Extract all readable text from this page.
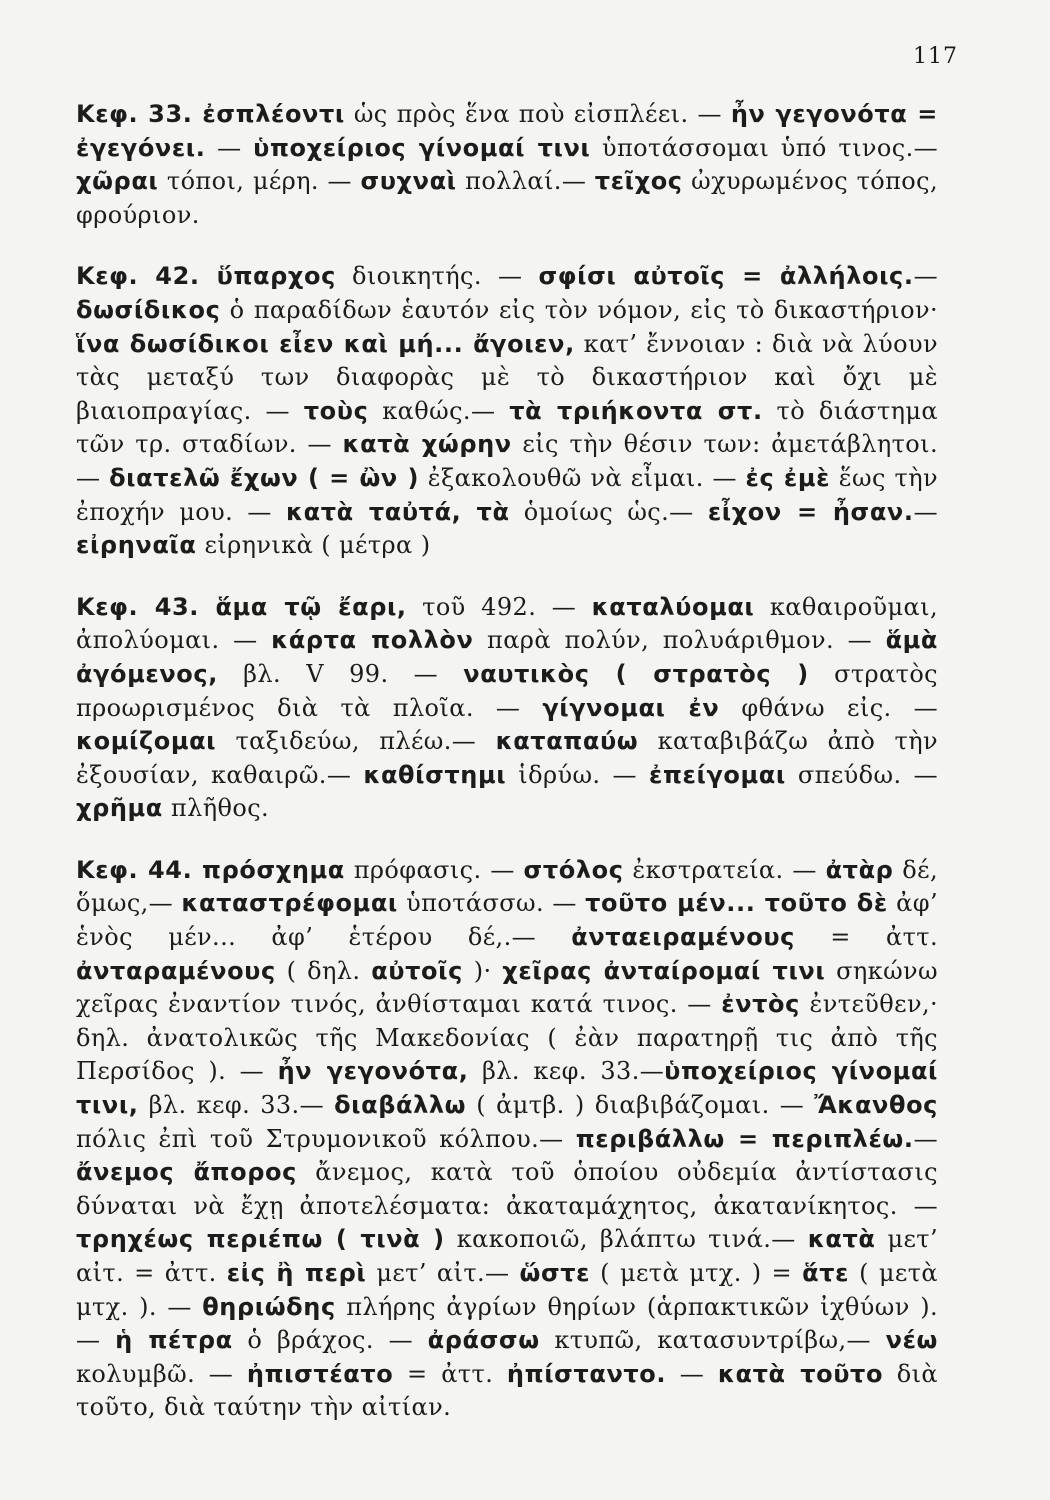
117

Κεφ. 33. ἐσπλέοντι ὡς πρὸς ἕνα ποὺ εἰσπλέει. — ἦν γεγονότα = ἐγεγόνει. — ὑποχείριος γίνομαί τινι ὑποτάσσομαι ὑπό τινος.— χῶραι τόποι, μέρη. — συχναὶ πολλαί.— τεῖχος ὠχυρωμένος τόπος, φρούριον.

Κεφ. 42. ὕπαρχος διοικητής. — σφίσι αὐτοῖς = ἀλλήλοις.— δωσίδικος ὁ παραδίδων ἑαυτόν εἰς τὸν νόμον, εἰς τὸ δικαστήριον· ἵνα δωσίδικοι εἶεν καὶ μή... ἄγοιεν, κατ’ ἔννοιαν : διὰ νὰ λύουν τὰς μεταξύ των διαφορὰς μὲ τὸ δικαστήριον καὶ ὄχι μὲ βιαιοπραγίας. — τοὺς καθώς.— τὰ τριήκοντα στ. τὸ διάστημα τῶν τρ. σταδίων. — κατὰ χώρην εἰς τὴν θέσιν των: ἀμετάβλητοι. — διατελῶ ἔχων ( = ὢν ) ἐξακολουθῶ νὰ εἶμαι. — ἐς ἐμὲ ἕως τὴν ἐποχήν μου. — κατὰ ταὐτά, τὰ ὁμοίως ὡς.— εἶχον = ἦσαν.— εἰρηναῖα εἰρηνικὰ ( μέτρα )

Κεφ. 43. ἅμα τῷ ἔαρι, τοῦ 492. — καταλύομαι καθαιροῦμαι, ἀπολύομαι. — κάρτα πολλὸν παρὰ πολύν, πολυάριθμον. — ἅμὰ ἀγόμενος, βλ. V 99. — ναυτικὸς ( στρατὸς ) στρατὸς προωρισμένος διὰ τὰ πλοῖα. — γίγνομαι ἐν φθάνω εἰς. — κομίζομαι ταξιδεύω, πλέω.— καταπαύω καταβιβάζω ἀπὸ τὴν ἐξουσίαν, καθαιρῶ.— καθίστημι ἱδρύω. — ἐπείγομαι σπεύδω. — χρῆμα πλῆθος.

Κεφ. 44. πρόσχημα πρόφασις. — στόλος ἐκστρατεία. — ἀτὰρ δέ, ὅμως,— καταστρέφομαι ὑποτάσσω. — τοῦτο μέν... τοῦτο δὲ ἀφ’ ἑνὸς μέν... ἀφ’ ἑτέρου δέ,.— ἀνταειραμένους = ἀττ. ἀνταραμένους ( δηλ. αὐτοῖς )· χεῖρας ἀνταίρομαί τινι σηκώνω χεῖρας ἐναντίον τινός, ἀνθίσταμαι κατά τινος. — ἐντὸς ἐντεῦθεν,· δηλ. ἀνατολικῶς τῆς Μακεδονίας ( ἐὰν παρατηρῇ τις ἀπὸ τῆς Περσίδος ). — ἦν γεγονότα, βλ. κεφ. 33.—ὑποχείριος γίνομαί τινι, βλ. κεφ. 33.— διαβάλλω ( ἀμτβ. ) διαβιβάζομαι. — Ἄκανθος πόλις ἐπὶ τοῦ Στρυμονικοῦ κόλπου.— περιβάλλω = περιπλέω.— ἄνεμος ἄπορος ἄνεμος, κατὰ τοῦ ὁποίου οὐδεμία ἀντίστασις δύναται νὰ ἔχῃ ἀποτελέσματα: ἀκαταμάχητος, ἀκατανίκητος. — τρηχέως περιέπω ( τινὰ ) κακοποιῶ, βλάπτω τινά.— κατὰ μετ’ αἰτ. = ἀττ. εἰς ἢ περὶ μετ’ αἰτ.— ὥστε ( μετὰ μτχ. ) = ἅτε ( μετὰ μτχ. ). — θηριώδης πλήρης ἀγρίων θηρίων (ἁρπακτικῶν ἰχθύων ). — ἡ πέτρα ὁ βράχος. — ἀράσσω κτυπῶ, κατασυντρίβω,— νέω κολυμβῶ. — ἠπιστέατο = ἀττ. ἠπίσταντο. — κατὰ τοῦτο διὰ τοῦτο, διὰ ταύτην τὴν αἰτίαν.
